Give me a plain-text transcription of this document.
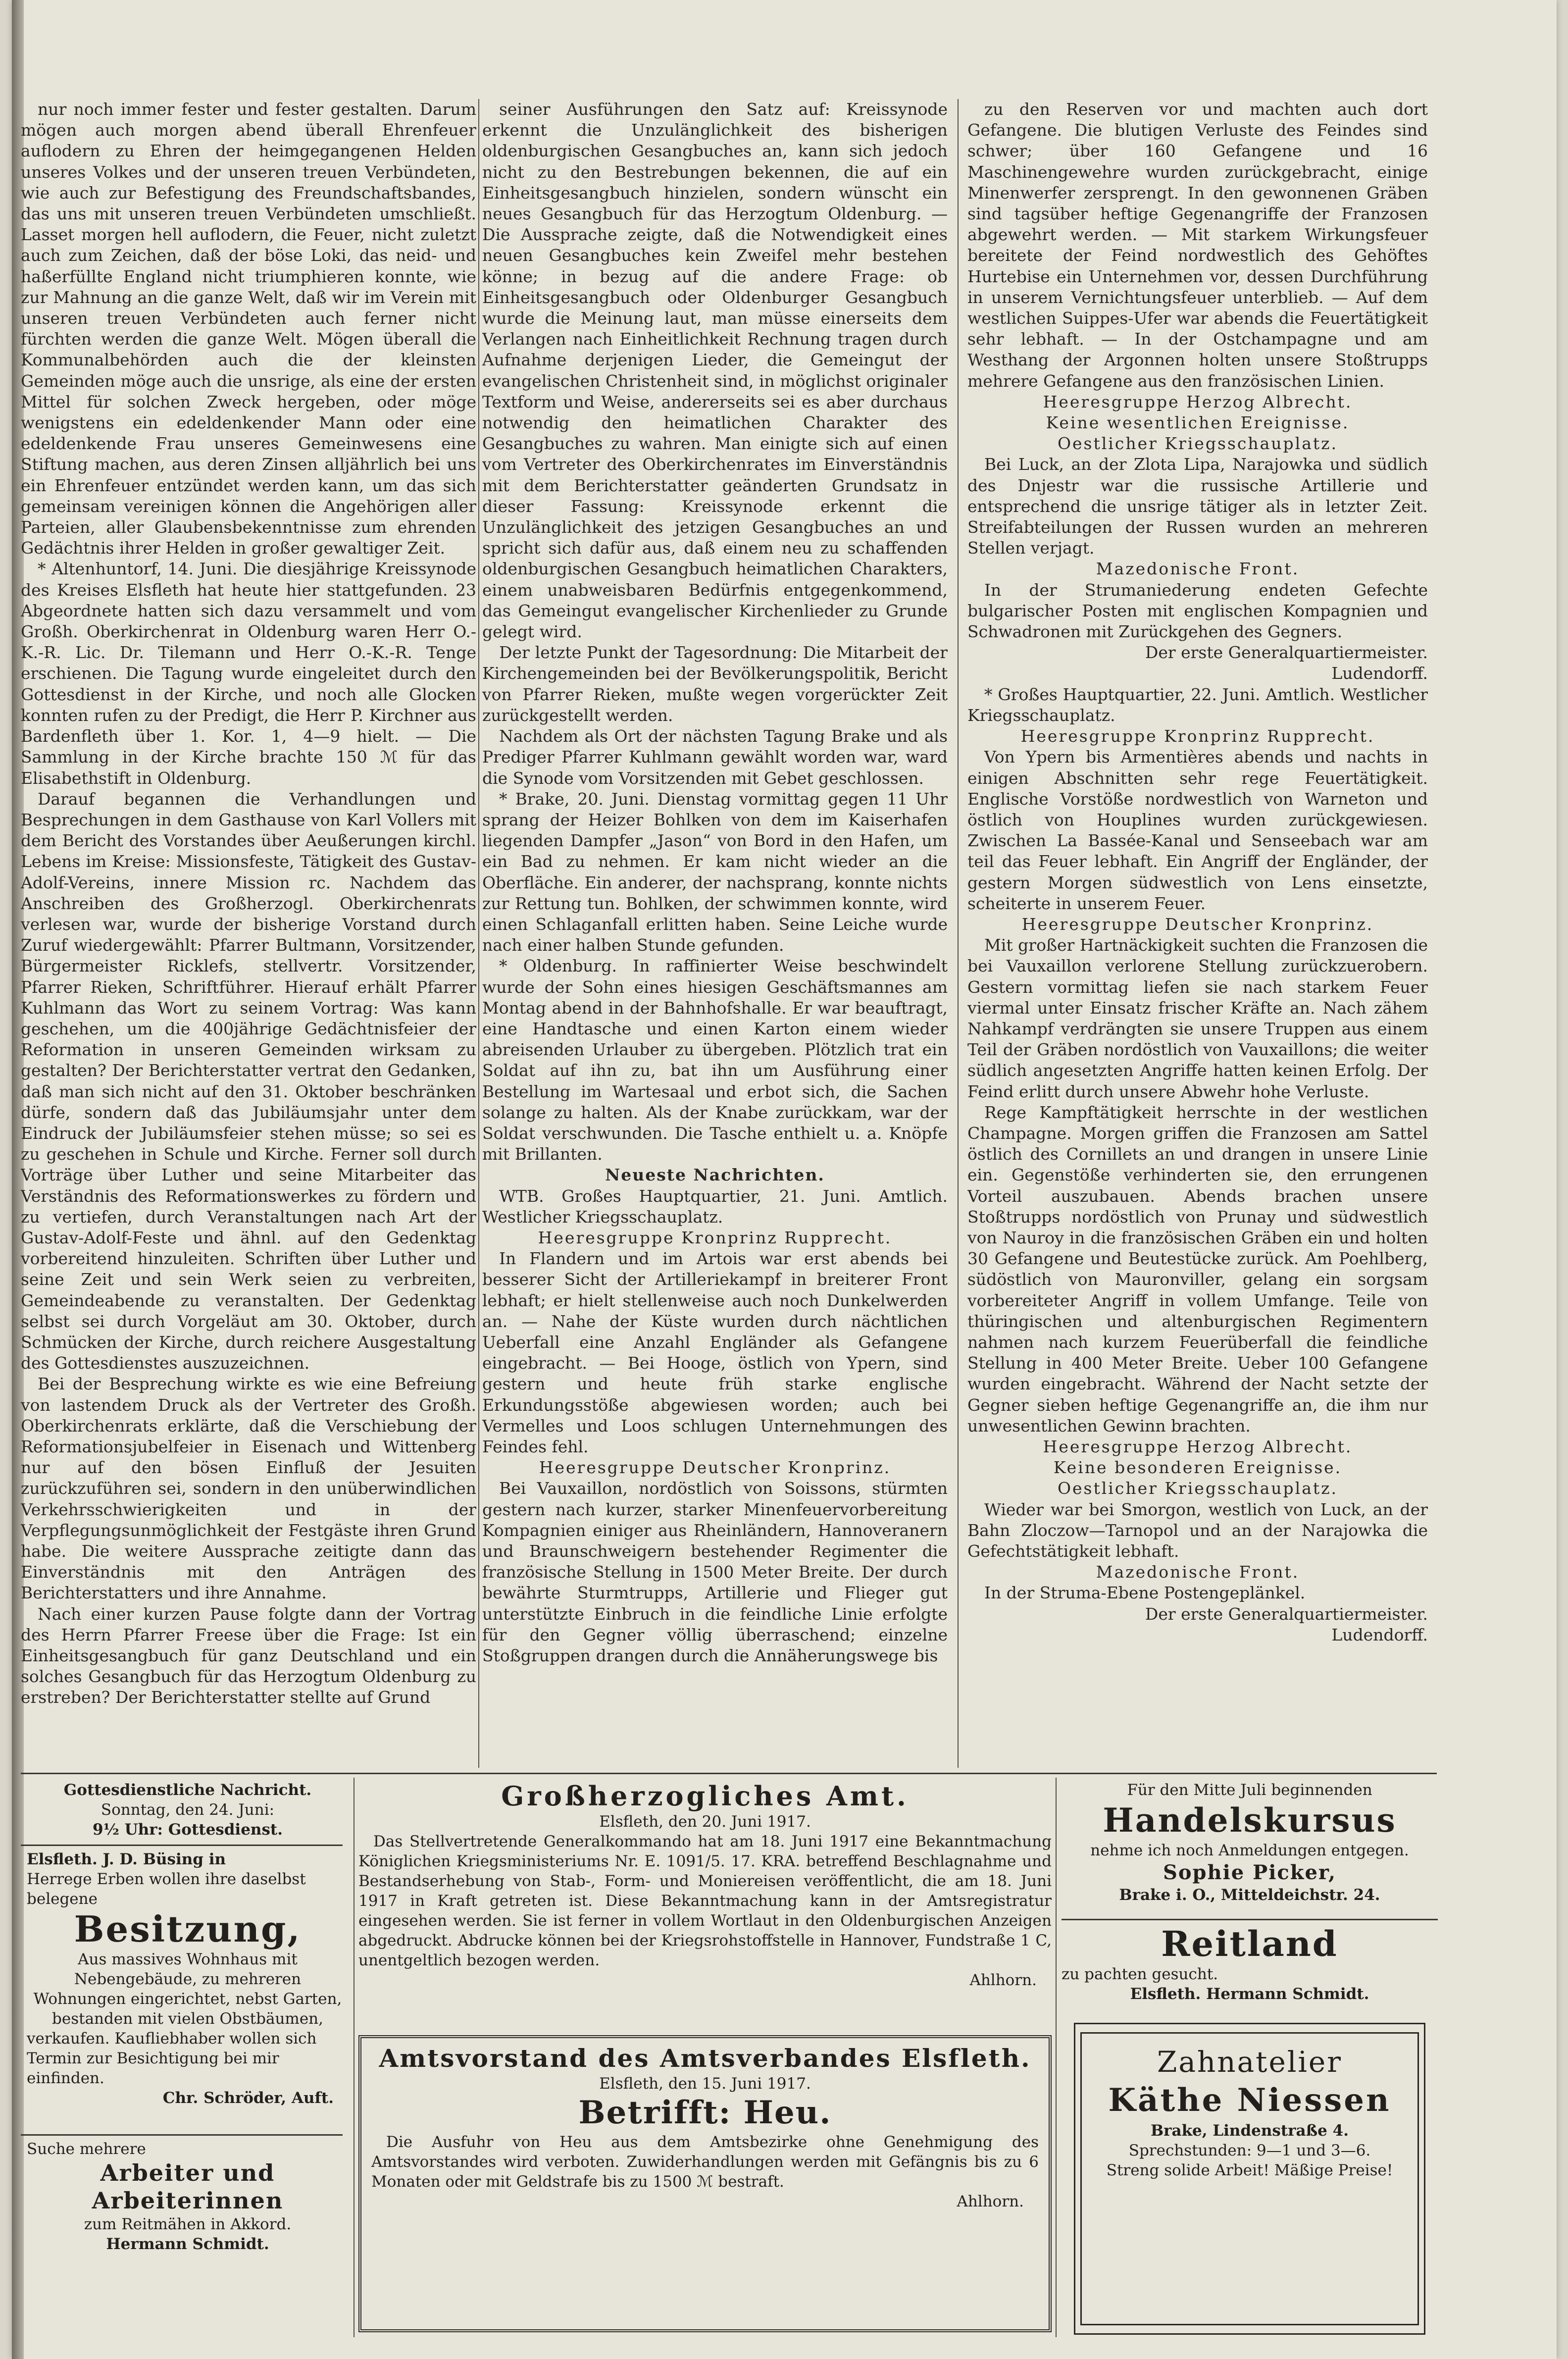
nur noch immer fester und fester gestalten. Darum mögen auch morgen abend überall Ehrenfeuer auflodern zu Ehren der heimgegangenen Helden unseres Volkes und der unseren treuen Verbündeten, wie auch zur Befestigung des Freundschaftsbandes, das uns mit unseren treuen Verbündeten umschließt. Lasset morgen hell auflodern, die Feuer, nicht zuletzt auch zum Zeichen, daß der böse Loki, das neid- und haßerfüllte England nicht triumphieren konnte, wie zur Mahnung an die ganze Welt, daß wir im Verein mit unseren treuen Verbündeten auch ferner nicht fürchten werden die ganze Welt. Mögen überall die Kommunalbehörden auch die der kleinsten Gemeinden möge auch die unsrige, als eine der ersten Mittel für solchen Zweck hergeben, oder möge wenigstens ein edeldenkender Mann oder eine edeldenkende Frau unseres Gemeinwesens eine Stiftung machen, aus deren Zinsen alljährlich bei uns ein Ehrenfeuer entzündet werden kann, um das sich gemeinsam vereinigen können die Angehörigen aller Parteien, aller Glaubensbekenntnisse zum ehrenden Gedächtnis ihrer Helden in großer gewaltiger Zeit.

* Altenhuntorf, 14. Juni. Die diesjährige Kreissynode des Kreises Elsfleth hat heute hier stattgefunden. 23 Abgeordnete hatten sich dazu versammelt und vom Großh. Oberkirchenrat in Oldenburg waren Herr O.-K.-R. Lic. Dr. Tilemann und Herr O.-K.-R. Tenge erschienen. Die Tagung wurde eingeleitet durch den Gottesdienst in der Kirche, und noch alle Glocken konnten rufen zu der Predigt, die Herr P. Kirchner aus Bardenfleth über 1. Kor. 1, 4—9 hielt. — Die Sammlung in der Kirche brachte 150 ℳ für das Elisabethstift in Oldenburg.

Darauf begannen die Verhandlungen und Besprechungen in dem Gasthause von Karl Vollers mit dem Bericht des Vorstandes über Aeußerungen kirchl. Lebens im Kreise: Missionsfeste, Tätigkeit des Gustav-Adolf-Vereins, innere Mission rc. Nachdem das Anschreiben des Großherzogl. Oberkirchenrats verlesen war, wurde der bisherige Vorstand durch Zuruf wiedergewählt: Pfarrer Bultmann, Vorsitzender, Bürgermeister Ricklefs, stellvertr. Vorsitzender, Pfarrer Rieken, Schriftführer. Hierauf erhält Pfarrer Kuhlmann das Wort zu seinem Vortrag: Was kann geschehen, um die 400jährige Gedächtnisfeier der Reformation in unseren Gemeinden wirksam zu gestalten? Der Berichterstatter vertrat den Gedanken, daß man sich nicht auf den 31. Oktober beschränken dürfe, sondern daß das Jubiläumsjahr unter dem Eindruck der Jubiläumsfeier stehen müsse; so sei es zu geschehen in Schule und Kirche. Ferner soll durch Vorträge über Luther und seine Mitarbeiter das Verständnis des Reformationswerkes zu fördern und zu vertiefen, durch Veranstaltungen nach Art der Gustav-Adolf-Feste und ähnl. auf den Gedenktag vorbereitend hinzuleiten. Schriften über Luther und seine Zeit und sein Werk seien zu verbreiten, Gemeindeabende zu veranstalten. Der Gedenktag selbst sei durch Vorgeläut am 30. Oktober, durch Schmücken der Kirche, durch reichere Ausgestaltung des Gottesdienstes auszuzeichnen.

Bei der Besprechung wirkte es wie eine Befreiung von lastendem Druck als der Vertreter des Großh. Oberkirchenrats erklärte, daß die Verschiebung der Reformationsjubelfeier in Eisenach und Wittenberg nur auf den bösen Einfluß der Jesuiten zurückzuführen sei, sondern in den unüberwindlichen Verkehrsschwierigkeiten und in der Verpflegungsunmöglichkeit der Festgäste ihren Grund habe. Die weitere Aussprache zeitigte dann das Einverständnis mit den Anträgen des Berichterstatters und ihre Annahme.

Nach einer kurzen Pause folgte dann der Vortrag des Herrn Pfarrer Freese über die Frage: Ist ein Einheitsgesangbuch für ganz Deutschland und ein solches Gesangbuch für das Herzogtum Oldenburg zu erstreben? Der Berichterstatter stellte auf Grund

seiner Ausführungen den Satz auf: Kreissynode erkennt die Unzulänglichkeit des bisherigen oldenburgischen Gesangbuches an, kann sich jedoch nicht zu den Bestrebungen bekennen, die auf ein Einheitsgesangbuch hinzielen, sondern wünscht ein neues Gesangbuch für das Herzogtum Oldenburg. — Die Aussprache zeigte, daß die Notwendigkeit eines neuen Gesangbuches kein Zweifel mehr bestehen könne; in bezug auf die andere Frage: ob Einheitsgesangbuch oder Oldenburger Gesangbuch wurde die Meinung laut, man müsse einerseits dem Verlangen nach Einheitlichkeit Rechnung tragen durch Aufnahme derjenigen Lieder, die Gemeingut der evangelischen Christenheit sind, in möglichst originaler Textform und Weise, andererseits sei es aber durchaus notwendig den heimatlichen Charakter des Gesangbuches zu wahren. Man einigte sich auf einen vom Vertreter des Oberkirchenrates im Einverständnis mit dem Berichterstatter geänderten Grundsatz in dieser Fassung: Kreissynode erkennt die Unzulänglichkeit des jetzigen Gesangbuches an und spricht sich dafür aus, daß einem neu zu schaffenden oldenburgischen Gesangbuch heimatlichen Charakters, einem unabweisbaren Bedürfnis entgegenkommend, das Gemeingut evangelischer Kirchenlieder zu Grunde gelegt wird.

Der letzte Punkt der Tagesordnung: Die Mitarbeit der Kirchengemeinden bei der Bevölkerungspolitik, Bericht von Pfarrer Rieken, mußte wegen vorgerückter Zeit zurückgestellt werden.

Nachdem als Ort der nächsten Tagung Brake und als Prediger Pfarrer Kuhlmann gewählt worden war, ward die Synode vom Vorsitzenden mit Gebet geschlossen.

* Brake, 20. Juni. Dienstag vormittag gegen 11 Uhr sprang der Heizer Bohlken von dem im Kaiserhafen liegenden Dampfer „Jason“ von Bord in den Hafen, um ein Bad zu nehmen. Er kam nicht wieder an die Oberfläche. Ein anderer, der nachsprang, konnte nichts zur Rettung tun. Bohlken, der schwimmen konnte, wird einen Schlaganfall erlitten haben. Seine Leiche wurde nach einer halben Stunde gefunden.

* Oldenburg. In raffinierter Weise beschwindelt wurde der Sohn eines hiesigen Geschäftsmannes am Montag abend in der Bahnhofshalle. Er war beauftragt, eine Handtasche und einen Karton einem wieder abreisenden Urlauber zu übergeben. Plötzlich trat ein Soldat auf ihn zu, bat ihn um Ausführung einer Bestellung im Wartesaal und erbot sich, die Sachen solange zu halten. Als der Knabe zurückkam, war der Soldat verschwunden. Die Tasche enthielt u. a. Knöpfe mit Brillanten.

Neueste Nachrichten.

WTB. Großes Hauptquartier, 21. Juni. Amtlich. Westlicher Kriegsschauplatz.

Heeresgruppe Kronprinz Rupprecht.

In Flandern und im Artois war erst abends bei besserer Sicht der Artilleriekampf in breiterer Front lebhaft; er hielt stellenweise auch noch Dunkelwerden an. — Nahe der Küste wurden durch nächtlichen Ueberfall eine Anzahl Engländer als Gefangene eingebracht. — Bei Hooge, östlich von Ypern, sind gestern und heute früh starke englische Erkundungsstöße abgewiesen worden; auch bei Vermelles und Loos schlugen Unternehmungen des Feindes fehl.

Heeresgruppe Deutscher Kronprinz.

Bei Vauxaillon, nordöstlich von Soissons, stürmten gestern nach kurzer, starker Minenfeuervorbereitung Kompagnien einiger aus Rheinländern, Hannoveranern und Braunschweigern bestehender Regimenter die französische Stellung in 1500 Meter Breite. Der durch bewährte Sturmtrupps, Artillerie und Flieger gut unterstützte Einbruch in die feindliche Linie erfolgte für den Gegner völlig überraschend; einzelne Stoßgruppen drangen durch die Annäherungswege bis

zu den Reserven vor und machten auch dort Gefangene. Die blutigen Verluste des Feindes sind schwer; über 160 Gefangene und 16 Maschinengewehre wurden zurückgebracht, einige Minenwerfer zersprengt. In den gewonnenen Gräben sind tagsüber heftige Gegenangriffe der Franzosen abgewehrt werden. — Mit starkem Wirkungsfeuer bereitete der Feind nordwestlich des Gehöftes Hurtebise ein Unternehmen vor, dessen Durchführung in unserem Vernichtungsfeuer unterblieb. — Auf dem westlichen Suippes-Ufer war abends die Feuertätigkeit sehr lebhaft. — In der Ostchampagne und am Westhang der Argonnen holten unsere Stoßtrupps mehrere Gefangene aus den französischen Linien.

Heeresgruppe Herzog Albrecht.

Keine wesentlichen Ereignisse.

Oestlicher Kriegsschauplatz.

Bei Luck, an der Zlota Lipa, Narajowka und südlich des Dnjestr war die russische Artillerie und entsprechend die unsrige tätiger als in letzter Zeit. Streifabteilungen der Russen wurden an mehreren Stellen verjagt.

Mazedonische Front.

In der Strumaniederung endeten Gefechte bulgarischer Posten mit englischen Kompagnien und Schwadronen mit Zurückgehen des Gegners.

Der erste Generalquartiermeister.

Ludendorff.

* Großes Hauptquartier, 22. Juni. Amtlich. Westlicher Kriegsschauplatz.

Heeresgruppe Kronprinz Rupprecht.

Von Ypern bis Armentières abends und nachts in einigen Abschnitten sehr rege Feuertätigkeit. Englische Vorstöße nordwestlich von Warneton und östlich von Houplines wurden zurückgewiesen. Zwischen La Bassée-Kanal und Senseebach war am teil das Feuer lebhaft. Ein Angriff der Engländer, der gestern Morgen südwestlich von Lens einsetzte, scheiterte in unserem Feuer.

Heeresgruppe Deutscher Kronprinz.

Mit großer Hartnäckigkeit suchten die Franzosen die bei Vauxaillon verlorene Stellung zurückzuerobern. Gestern vormittag liefen sie nach starkem Feuer viermal unter Einsatz frischer Kräfte an. Nach zähem Nahkampf verdrängten sie unsere Truppen aus einem Teil der Gräben nordöstlich von Vauxaillons; die weiter südlich angesetzten Angriffe hatten keinen Erfolg. Der Feind erlitt durch unsere Abwehr hohe Verluste.

Rege Kampftätigkeit herrschte in der westlichen Champagne. Morgen griffen die Franzosen am Sattel östlich des Cornillets an und drangen in unsere Linie ein. Gegenstöße verhinderten sie, den errungenen Vorteil auszubauen. Abends brachen unsere Stoßtrupps nordöstlich von Prunay und südwestlich von Nauroy in die französischen Gräben ein und holten 30 Gefangene und Beutestücke zurück. Am Poehlberg, südöstlich von Mauronviller, gelang ein sorgsam vorbereiteter Angriff in vollem Umfange. Teile von thüringischen und altenburgischen Regimentern nahmen nach kurzem Feuerüberfall die feindliche Stellung in 400 Meter Breite. Ueber 100 Gefangene wurden eingebracht. Während der Nacht setzte der Gegner sieben heftige Gegenangriffe an, die ihm nur unwesentlichen Gewinn brachten.

Heeresgruppe Herzog Albrecht.

Keine besonderen Ereignisse.

Oestlicher Kriegsschauplatz.

Wieder war bei Smorgon, westlich von Luck, an der Bahn Zloczow—Tarnopol und an der Narajowka die Gefechtstätigkeit lebhaft.

Mazedonische Front.

In der Struma-Ebene Postengeplänkel.

Der erste Generalquartiermeister.

Ludendorff.

Gottesdienstliche Nachricht.
Sonntag, den 24. Juni:
9½ Uhr: Gottesdienst.
Elsfleth. J. D. Büsing in
Herrege Erben wollen ihre daselbst
belegene
Besitzung,
Aus massives Wohnhaus mit Nebengebäude, zu mehreren Wohnungen eingerichtet, nebst Garten, bestanden mit vielen Obstbäumen,
verkaufen. Kaufliebhaber wollen sich Termin zur Besichtigung bei mir einfinden.
Chr. Schröder, Auft.
Suche mehrere
Arbeiter und Arbeiterinnen
zum Reitmähen in Akkord.
Hermann Schmidt.
Großherzogliches Amt.
Elsfleth, den 20. Juni 1917.

Das Stellvertretende Generalkommando hat am 18. Juni 1917 eine Bekanntmachung Königlichen Kriegsministeriums Nr. E. 1091/5. 17. KRA. betreffend Beschlagnahme und Bestandserhebung von Stab-, Form- und Moniereisen veröffentlicht, die am 18. Juni 1917 in Kraft getreten ist. Diese Bekanntmachung kann in der Amtsregistratur eingesehen werden. Sie ist ferner in vollem Wortlaut in den Oldenburgischen Anzeigen abgedruckt. Abdrucke können bei der Kriegsrohstoffstelle in Hannover, Fundstraße 1 C, unentgeltlich bezogen werden.

Ahlhorn.
Amtsvorstand des Amtsverbandes Elsfleth.
Elsfleth, den 15. Juni 1917.
Betrifft: Heu.

Die Ausfuhr von Heu aus dem Amtsbezirke ohne Genehmigung des Amtsvorstandes wird verboten. Zuwiderhandlungen werden mit Gefängnis bis zu 6 Monaten oder mit Geldstrafe bis zu 1500 ℳ bestraft.

Ahlhorn.
Für den Mitte Juli beginnenden
Handelskursus
nehme ich noch Anmeldungen entgegen.
Sophie Picker,
Brake i. O., Mitteldeichstr. 24.
Reitland
zu pachten gesucht.
Elsfleth. Hermann Schmidt.
Zahnatelier
Käthe Niessen
Brake, Lindenstraße 4.
Sprechstunden: 9—1 und 3—6.
Streng solide Arbeit! Mäßige Preise!
